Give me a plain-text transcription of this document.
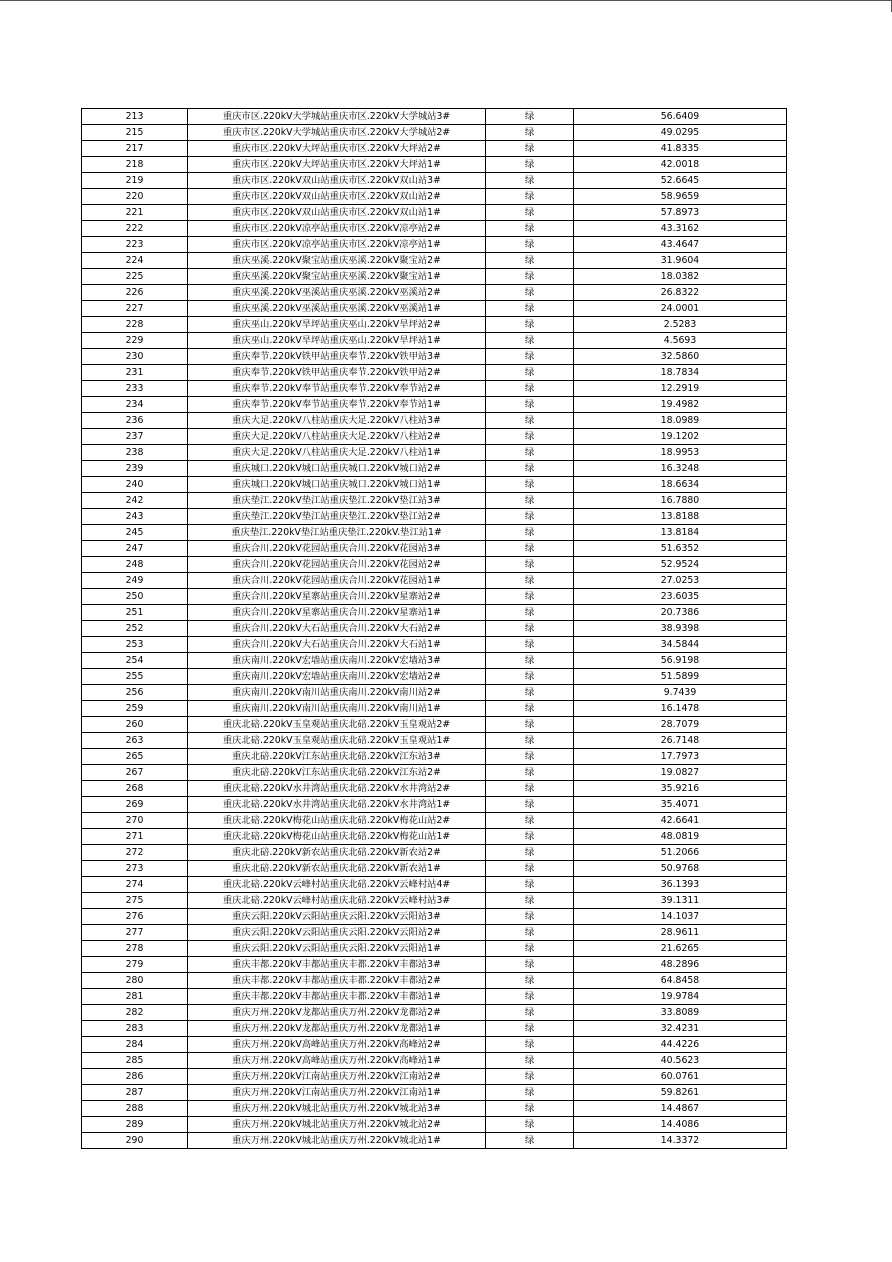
213	重庆市区.220kV大学城站重庆市区.220kV大学城站3#	绿	56.6409
215	重庆市区.220kV大学城站重庆市区.220kV大学城站2#	绿	49.0295
217	重庆市区.220kV大坪站重庆市区.220kV大坪站2#	绿	41.8335
218	重庆市区.220kV大坪站重庆市区.220kV大坪站1#	绿	42.0018
219	重庆市区.220kV双山站重庆市区.220kV双山站3#	绿	52.6645
220	重庆市区.220kV双山站重庆市区.220kV双山站2#	绿	58.9659
221	重庆市区.220kV双山站重庆市区.220kV双山站1#	绿	57.8973
222	重庆市区.220kV凉亭站重庆市区.220kV凉亭站2#	绿	43.3162
223	重庆市区.220kV凉亭站重庆市区.220kV凉亭站1#	绿	43.4647
224	重庆巫溪.220kV聚宝站重庆巫溪.220kV聚宝站2#	绿	31.9604
225	重庆巫溪.220kV聚宝站重庆巫溪.220kV聚宝站1#	绿	18.0382
226	重庆巫溪.220kV巫溪站重庆巫溪.220kV巫溪站2#	绿	26.8322
227	重庆巫溪.220kV巫溪站重庆巫溪.220kV巫溪站1#	绿	24.0001
228	重庆巫山.220kV旱坪站重庆巫山.220kV旱坪站2#	绿	2.5283
229	重庆巫山.220kV旱坪站重庆巫山.220kV旱坪站1#	绿	4.5693
230	重庆奉节.220kV铁甲站重庆奉节.220kV铁甲站3#	绿	32.5860
231	重庆奉节.220kV铁甲站重庆奉节.220kV铁甲站2#	绿	18.7834
233	重庆奉节.220kV奉节站重庆奉节.220kV奉节站2#	绿	12.2919
234	重庆奉节.220kV奉节站重庆奉节.220kV奉节站1#	绿	19.4982
236	重庆大足.220kV八柱站重庆大足.220kV八柱站3#	绿	18.0989
237	重庆大足.220kV八柱站重庆大足.220kV八柱站2#	绿	19.1202
238	重庆大足.220kV八柱站重庆大足.220kV八柱站1#	绿	18.9953
239	重庆城口.220kV城口站重庆城口.220kV城口站2#	绿	16.3248
240	重庆城口.220kV城口站重庆城口.220kV城口站1#	绿	18.6634
242	重庆垫江.220kV垫江站重庆垫江.220kV垫江站3#	绿	16.7880
243	重庆垫江.220kV垫江站重庆垫江.220kV垫江站2#	绿	13.8188
245	重庆垫江.220kV垫江站重庆垫江.220kV.垫江站1#	绿	13.8184
247	重庆合川.220kV花园站重庆合川.220kV花园站3#	绿	51.6352
248	重庆合川.220kV花园站重庆合川.220kV花园站2#	绿	52.9524
249	重庆合川.220kV花园站重庆合川.220kV花园站1#	绿	27.0253
250	重庆合川.220kV星寨站重庆合川.220kV星寨站2#	绿	23.6035
251	重庆合川.220kV星寨站重庆合川.220kV星寨站1#	绿	20.7386
252	重庆合川.220kV大石站重庆合川.220kV大石站2#	绿	38.9398
253	重庆合川.220kV大石站重庆合川.220kV大石站1#	绿	34.5844
254	重庆南川.220kV宏墙站重庆南川.220kV宏墙站3#	绿	56.9198
255	重庆南川.220kV宏墙站重庆南川.220kV宏墙站2#	绿	51.5899
256	重庆南川.220kV南川站重庆南川.220kV南川站2#	绿	9.7439
259	重庆南川.220kV南川站重庆南川.220kV南川站1#	绿	16.1478
260	重庆北碚.220kV玉皇观站重庆北碚.220kV玉皇观站2#	绿	28.7079
263	重庆北碚.220kV玉皇观站重庆北碚.220kV玉皇观站1#	绿	26.7148
265	重庆北碚.220kV江东站重庆北碚.220kV江东站3#	绿	17.7973
267	重庆北碚.220kV江东站重庆北碚.220kV江东站2#	绿	19.0827
268	重庆北碚.220kV水井湾站重庆北碚.220kV水井湾站2#	绿	35.9216
269	重庆北碚.220kV水井湾站重庆北碚.220kV水井湾站1#	绿	35.4071
270	重庆北碚.220kV梅花山站重庆北碚.220kV梅花山站2#	绿	42.6641
271	重庆北碚.220kV梅花山站重庆北碚.220kV梅花山站1#	绿	48.0819
272	重庆北碚.220kV新农站重庆北碚.220kV新农站2#	绿	51.2066
273	重庆北碚.220kV新农站重庆北碚.220kV新农站1#	绿	50.9768
274	重庆北碚.220kV云峰村站重庆北碚.220kV云峰村站4#	绿	36.1393
275	重庆北碚.220kV云峰村站重庆北碚.220kV云峰村站3#	绿	39.1311
276	重庆云阳.220kV云阳站重庆云阳.220kV云阳站3#	绿	14.1037
277	重庆云阳.220kV云阳站重庆云阳.220kV云阳站2#	绿	28.9611
278	重庆云阳.220kV云阳站重庆云阳.220kV云阳站1#	绿	21.6265
279	重庆丰都.220kV丰都站重庆丰都.220kV丰都站3#	绿	48.2896
280	重庆丰都.220kV丰都站重庆丰都.220kV丰都站2#	绿	64.8458
281	重庆丰都.220kV丰都站重庆丰都.220kV丰都站1#	绿	19.9784
282	重庆万州.220kV龙都站重庆万州.220kV龙都站2#	绿	33.8089
283	重庆万州.220kV龙都站重庆万州.220kV龙都站1#	绿	32.4231
284	重庆万州.220kV高峰站重庆万州.220kV高峰站2#	绿	44.4226
285	重庆万州.220kV高峰站重庆万州.220kV高峰站1#	绿	40.5623
286	重庆万州.220kV江南站重庆万州.220kV江南站2#	绿	60.0761
287	重庆万州.220kV江南站重庆万州.220kV江南站1#	绿	59.8261
288	重庆万州.220kV城北站重庆万州.220kV城北站3#	绿	14.4867
289	重庆万州.220kV城北站重庆万州.220kV城北站2#	绿	14.4086
290	重庆万州.220kV城北站重庆万州.220kV城北站1#	绿	14.3372
